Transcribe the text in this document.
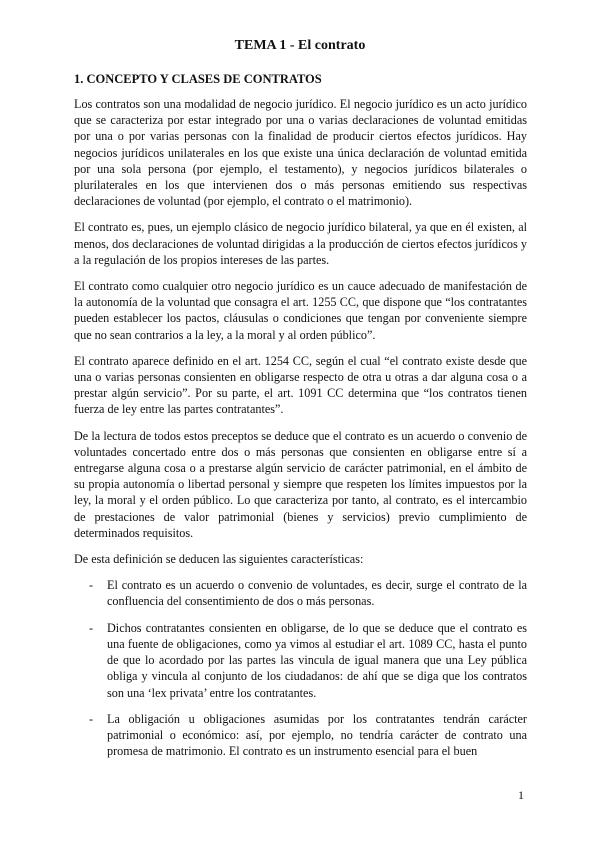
TEMA 1 - El contrato
1. CONCEPTO Y CLASES DE CONTRATOS

Los contratos son una modalidad de negocio jurídico. El negocio jurídico es un acto jurídico que se caracteriza por estar integrado por una o varias declaraciones de voluntad emitidas por una o por varias personas con la finalidad de producir ciertos efectos jurídicos. Hay negocios jurídicos unilaterales en los que existe una única declaración de voluntad emitida por una sola persona (por ejemplo, el testamento), y negocios jurídicos bilaterales o plurilaterales en los que intervienen dos o más personas emitiendo sus respectivas declaraciones de voluntad (por ejemplo, el contrato o el matrimonio).

El contrato es, pues, un ejemplo clásico de negocio jurídico bilateral, ya que en él existen, al menos, dos declaraciones de voluntad dirigidas a la producción de ciertos efectos jurídicos y a la regulación de los propios intereses de las partes.

El contrato como cualquier otro negocio jurídico es un cauce adecuado de manifestación de la autonomía de la voluntad que consagra el art. 1255 CC, que dispone que “los contratantes pueden establecer los pactos, cláusulas o condiciones que tengan por conveniente siempre que no sean contrarios a la ley, a la moral y al orden público”.

El contrato aparece definido en el art. 1254 CC, según el cual “el contrato existe desde que una o varias personas consienten en obligarse respecto de otra u otras a dar alguna cosa o a prestar algún servicio”. Por su parte, el art. 1091 CC determina que “los contratos tienen fuerza de ley entre las partes contratantes”.

De la lectura de todos estos preceptos se deduce que el contrato es un acuerdo o convenio de voluntades concertado entre dos o más personas que consienten en obligarse entre sí a entregarse alguna cosa o a prestarse algún servicio de carácter patrimonial, en el ámbito de su propia autonomía o libertad personal y siempre que respeten los límites impuestos por la ley, la moral y el orden público. Lo que caracteriza por tanto, al contrato, es el intercambio de prestaciones de valor patrimonial (bienes y servicios) previo cumplimiento de determinados requisitos.

De esta definición se deducen las siguientes características:

- El contrato es un acuerdo o convenio de voluntades, es decir, surge el contrato de la confluencia del consentimiento de dos o más personas.
- Dichos contratantes consienten en obligarse, de lo que se deduce que el contrato es una fuente de obligaciones, como ya vimos al estudiar el art. 1089 CC, hasta el punto de que lo acordado por las partes las vincula de igual manera que una Ley pública obliga y vincula al conjunto de los ciudadanos: de ahí que se diga que los contratos son una ‘lex privata’ entre los contratantes.
- La obligación u obligaciones asumidas por los contratantes tendrán carácter patrimonial o económico: así, por ejemplo, no tendría carácter de contrato una promesa de matrimonio. El contrato es un instrumento esencial para el buen
1
